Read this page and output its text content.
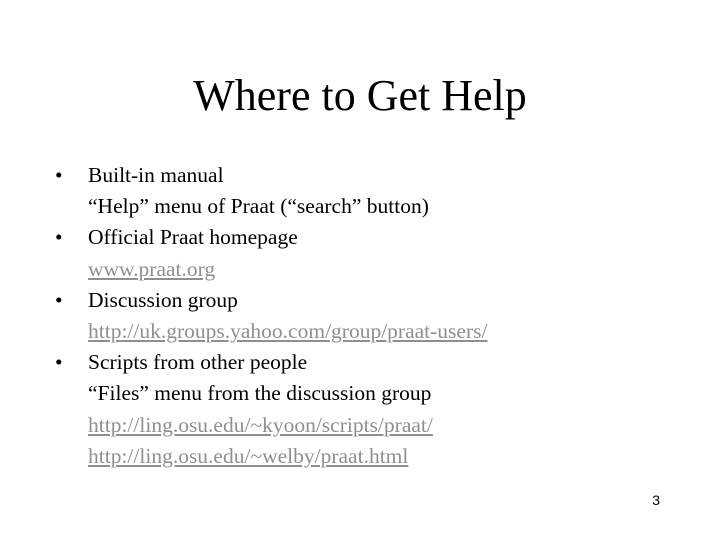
Where to Get Help
• Built-in manual
“Help” menu of Praat (“search” button)
• Official Praat homepage
www.praat.org
• Discussion group
http://uk.groups.yahoo.com/group/praat-users/
• Scripts from other people
“Files” menu from the discussion group
http://ling.osu.edu/~kyoon/scripts/praat/
http://ling.osu.edu/~welby/praat.html
3
